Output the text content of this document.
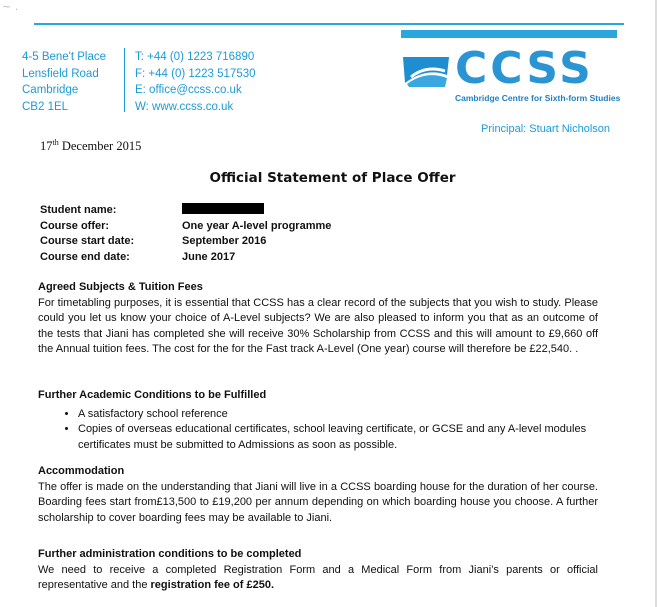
~ .
4-5 Bene't Place
Lensfield Road
Cambridge
CB2 1EL
T: +44 (0) 1223 716890
F: +44 (0) 1223 517530
E: office@ccss.co.uk
W: www.ccss.co.uk
CCSS
Cambridge Centre for Sixth-form Studies
Principal: Stuart Nicholson
17th December 2015
Official Statement of Place Offer
Student name:
Course offer:	One year A-level programme
Course start date:	September 2016
Course end date:	June 2017
Agreed Subjects & Tuition Fees

For timetabling purposes, it is essential that CCSS has a clear record of the subjects that you wish to study. Please could you let us know your choice of A-Level subjects? We are also pleased to inform you that as an outcome of the tests that Jiani has completed she will receive 30% Scholarship from CCSS and this will amount to £9,660 off the Annual tuition fees. The cost for the for the Fast track A-Level (One year) course will therefore be £22,540. .

Further Academic Conditions to be Fulfilled
• A satisfactory school reference
• Copies of overseas educational certificates, school leaving certificate, or GCSE and any A-level modules certificates must be submitted to Admissions as soon as possible.
Accommodation

The offer is made on the understanding that Jiani will live in a CCSS boarding house for the duration of her course. Boarding fees start from£13,500 to £19,200 per annum depending on which boarding house you choose. A further scholarship to cover boarding fees may be available to Jiani.

Further administration conditions to be completed

We need to receive a completed Registration Form and a Medical Form from Jiani’s parents or official representative and the registration fee of £250.
